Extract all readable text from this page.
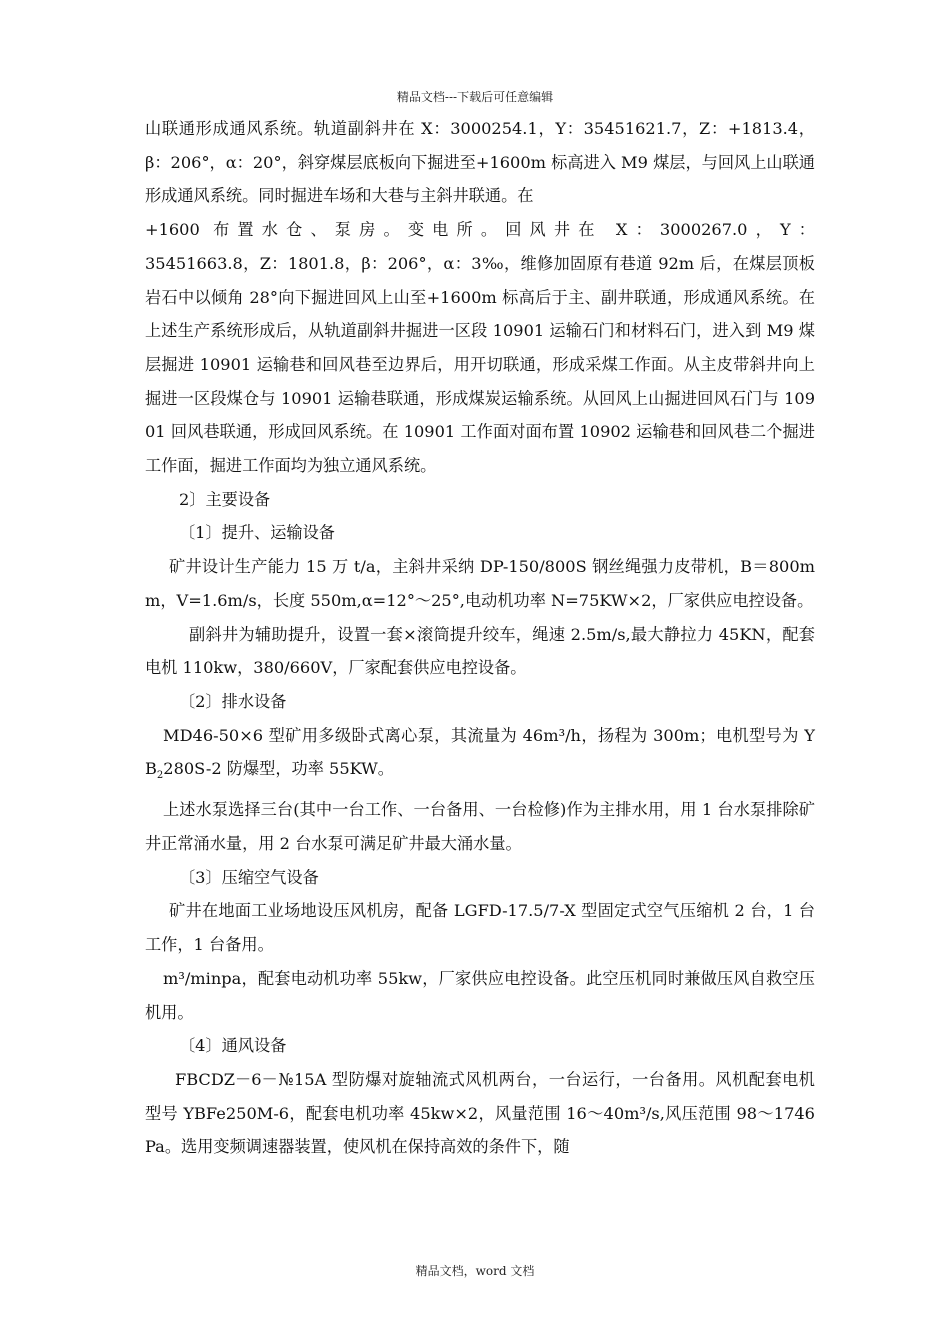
精品文档---下载后可任意编辑

山联通形成通风系统。轨道副斜井在 X：3000254.1，Y：35451621.7，Z：+1813.4，β：206°，α：20°，斜穿煤层底板向下掘进至+1600m 标高进入 M9 煤层，与回风上山联通形成通风系统。同时掘进车场和大巷与主斜井联通。在

+1600 布置水仓、泵房。变电所。回风井在 X：3000267.0，Y：

35451663.8，Z：1801.8，β：206°，α：3‰，维修加固原有巷道 92m 后，在煤层顶板岩石中以倾角 28°向下掘进回风上山至+1600m 标高后于主、副井联通，形成通风系统。在上述生产系统形成后，从轨道副斜井掘进一区段 10901 运输石门和材料石门，进入到 M9 煤层掘进 10901 运输巷和回风巷至边界后，用开切联通，形成采煤工作面。从主皮带斜井向上掘进一区段煤仓与 10901 运输巷联通，形成煤炭运输系统。从回风上山掘进回风石门与 10901 回风巷联通，形成回风系统。在 10901 工作面对面布置 10902 运输巷和回风巷二个掘进工作面，掘进工作面均为独立通风系统。

2〕主要设备

〔1〕提升、运输设备

矿井设计生产能力 15 万 t/a，主斜井采纳 DP-150/800S 钢丝绳强力皮带机，B＝800mm，V=1.6m/s，长度 550m,α=12°～25°,电动机功率 N=75KW×2，厂家供应电控设备。

副斜井为辅助提升，设置一套×滚筒提升绞车，绳速 2.5m/s,最大静拉力 45KN，配套电机 110kw，380/660V，厂家配套供应电控设备。

〔2〕排水设备

MD46-50×6 型矿用多级卧式离心泵，其流量为 46m³/h，扬程为 300m；电机型号为 $YB_2280S-2$ 防爆型，功率 55KW。

上述水泵选择三台(其中一台工作、一台备用、一台检修)作为主排水用，用 1 台水泵排除矿井正常涌水量，用 2 台水泵可满足矿井最大涌水量。

〔3〕压缩空气设备

矿井在地面工业场地设压风机房，配备 LGFD-17.5/7-X 型固定式空气压缩机 2 台，1 台工作，1 台备用。

m³/minpa，配套电动机功率 55kw，厂家供应电控设备。此空压机同时兼做压风自救空压机用。

〔4〕通风设备

FBCDZ－6－№15A 型防爆对旋轴流式风机两台，一台运行，一台备用。风机配套电机型号 YBFe250M-6，配套电机功率 45kw×2，风量范围 16～40m³/s,风压范围 98～1746Pa。选用变频调速器装置，使风机在保持高效的条件下，随

精品文档，word 文档
